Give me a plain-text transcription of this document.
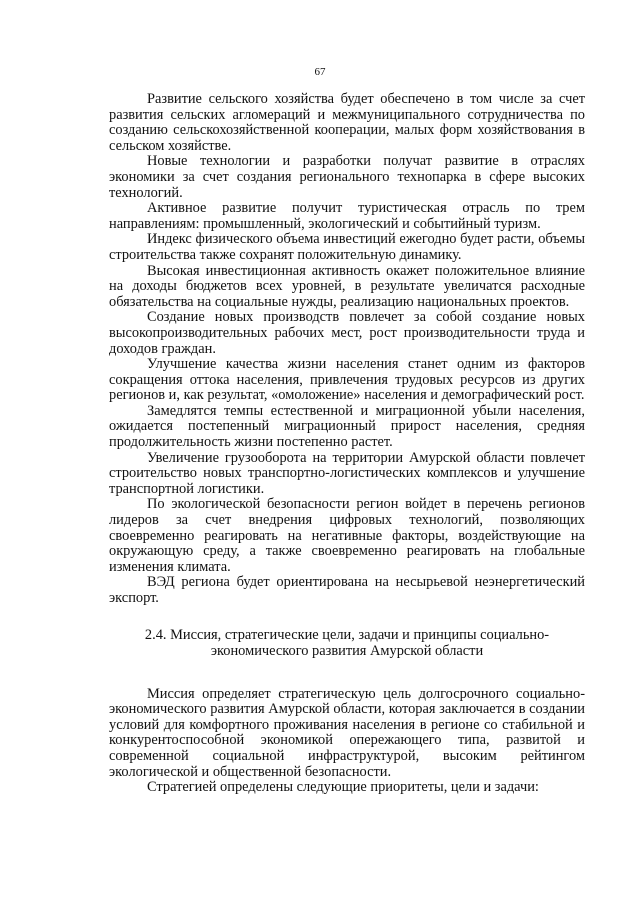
67

Развитие сельского хозяйства будет обеспечено в том числе за счет развития сельских агломераций и межмуниципального сотрудничества по созданию сельскохозяйственной кооперации, малых форм хозяйствования в сельском хозяйстве.

Новые технологии и разработки получат развитие в отраслях экономики за счет создания регионального технопарка в сфере высоких технологий.

Активное развитие получит туристическая отрасль по трем направлениям: промышленный, экологический и событийный туризм.

Индекс физического объема инвестиций ежегодно будет расти, объемы строительства также сохранят положительную динамику.

Высокая инвестиционная активность окажет положительное влияние на доходы бюджетов всех уровней, в результате увеличатся расходные обязательства на социальные нужды, реализацию национальных проектов.

Создание новых производств повлечет за собой создание новых высокопроизводительных рабочих мест, рост производительности труда и доходов граждан.

Улучшение качества жизни населения станет одним из факторов сокращения оттока населения, привлечения трудовых ресурсов из других регионов и, как результат, «омоложение» населения и демографический рост.

Замедлятся темпы естественной и миграционной убыли населения, ожидается постепенный миграционный прирост населения, средняя продолжительность жизни постепенно растет.

Увеличение грузооборота на территории Амурской области повлечет строительство новых транспортно-логистических комплексов и улучшение транспортной логистики.

По экологической безопасности регион войдет в перечень регионов лидеров за счет внедрения цифровых технологий, позволяющих своевременно реагировать на негативные факторы, воздействующие на окружающую среду, а также своевременно реагировать на глобальные изменения климата.

ВЭД региона будет ориентирована на несырьевой неэнергетический экспорт.

2.4. Миссия, стратегические цели, задачи и принципы социально-
экономического развития Амурской области

Миссия определяет стратегическую цель долгосрочного социально-экономического развития Амурской области, которая заключается в создании условий для комфортного проживания населения в регионе со стабильной и конкурентоспособной экономикой опережающего типа, развитой и современной социальной инфраструктурой, высоким рейтингом экологической и общественной безопасности.

Стратегией определены следующие приоритеты, цели и задачи:
